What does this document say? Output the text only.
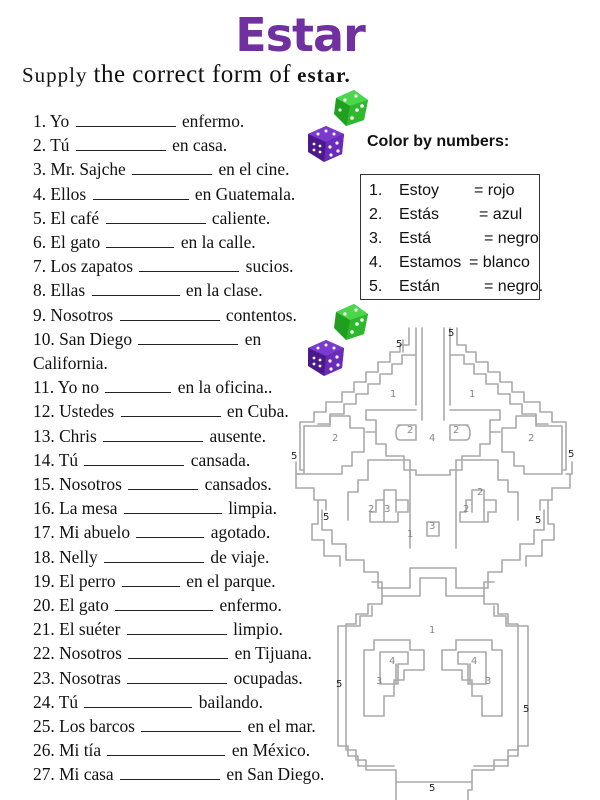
Estar
Supply the correct form of estar.
1. Yo	enfermo.
2. Tú	en casa.
3. Mr. Sajche	en el cine.
4. Ellos	en Guatemala.
5. El café	caliente.
6. El gato	en la calle.
7. Los zapatos	sucios.
8. Ellas	en la clase.
9. Nosotros	contentos.
10. San Diego	en California.
11. Yo no	en la oficina..
12. Ustedes	en Cuba.
13. Chris	ausente.
14. Tú	cansada.
15. Nosotros	cansados.
16. La mesa	limpia.
17. Mi abuelo	agotado.
18. Nelly	de viaje.
19. El perro	en el parque.
20. El gato	enfermo.
21. El suéter	limpio.
22. Nosotros	en Tijuana.
23. Nosotras	ocupadas.
24. Tú	bailando.
25. Los barcos	en el mar.
26. Mi tía	en México.
27. Mi casa	en San Diego.
Color by numbers:
1. Estoy = rojo
2. Estás = azul
3. Está	= negro
4. Estamos = blanco
5. Están	= negro.
5
5
1	1
2
2
4
2
2
5	5
2
2 3	2
5	5
3
1
1
4	4
3	3
5
5
5
